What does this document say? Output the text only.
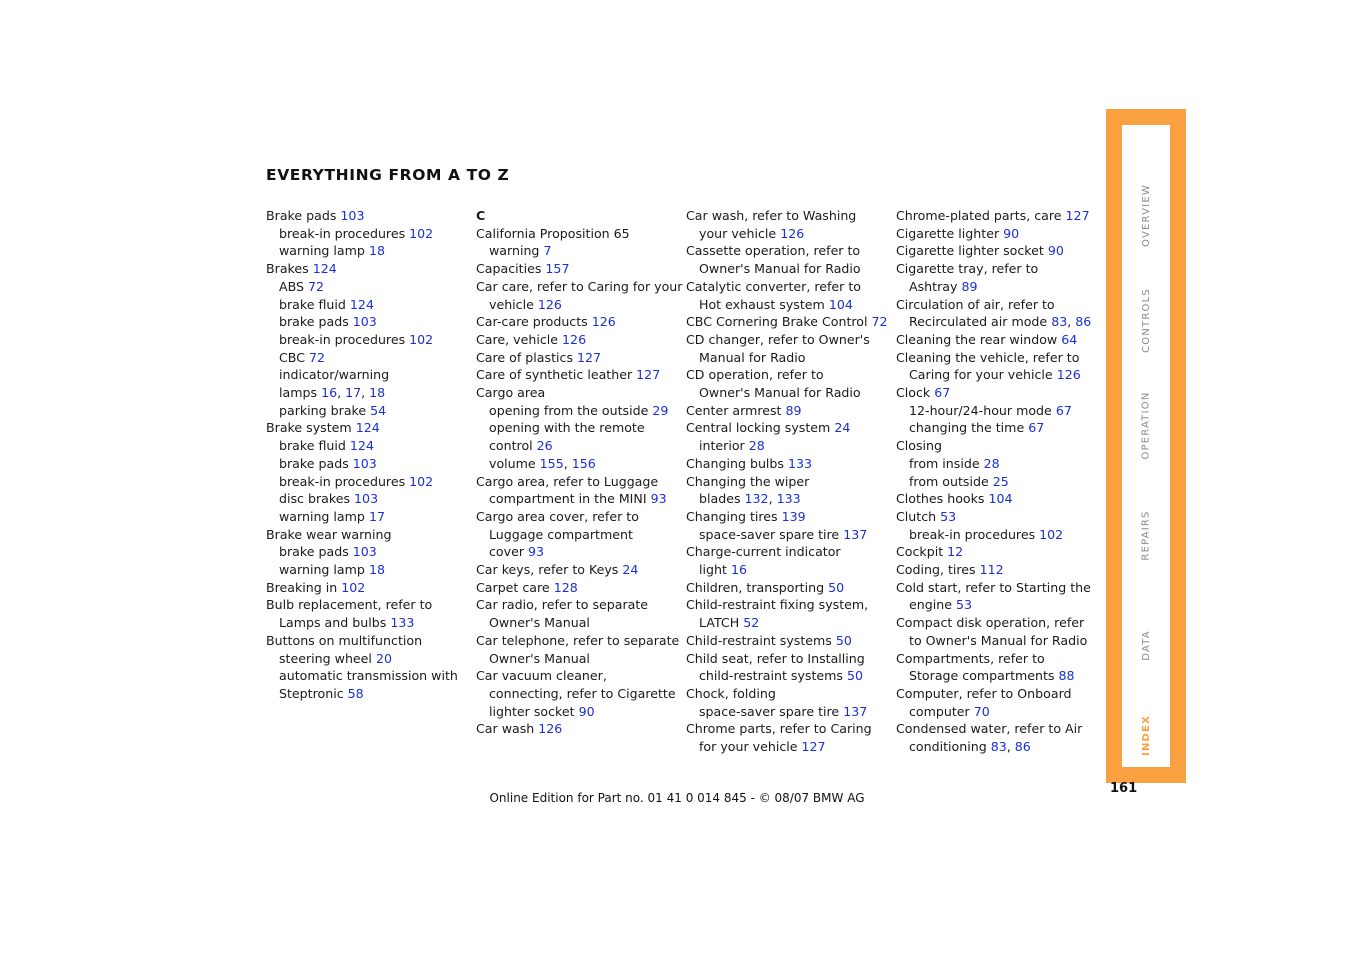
EVERYTHING FROM A TO Z
Brake pads 103
break-in procedures 102
warning lamp 18
Brakes 124
ABS 72
brake fluid 124
brake pads 103
break-in procedures 102
CBC 72
indicator/warning
lamps 16, 17, 18
parking brake 54
Brake system 124
brake fluid 124
brake pads 103
break-in procedures 102
disc brakes 103
warning lamp 17
Brake wear warning
brake pads 103
warning lamp 18
Breaking in 102
Bulb replacement, refer to
Lamps and bulbs 133
Buttons on multifunction
steering wheel 20
automatic transmission with
Steptronic 58
C
California Proposition 65
warning 7
Capacities 157
Car care, refer to Caring for your
vehicle 126
Car-care products 126
Care, vehicle 126
Care of plastics 127
Care of synthetic leather 127
Cargo area
opening from the outside 29
opening with the remote
control 26
volume 155, 156
Cargo area, refer to Luggage
compartment in the MINI 93
Cargo area cover, refer to
Luggage compartment
cover 93
Car keys, refer to Keys 24
Carpet care 128
Car radio, refer to separate
Owner's Manual
Car telephone, refer to separate
Owner's Manual
Car vacuum cleaner,
connecting, refer to Cigarette
lighter socket 90
Car wash 126
Car wash, refer to Washing
your vehicle 126
Cassette operation, refer to
Owner's Manual for Radio
Catalytic converter, refer to
Hot exhaust system 104
CBC Cornering Brake Control 72
CD changer, refer to Owner's
Manual for Radio
CD operation, refer to
Owner's Manual for Radio
Center armrest 89
Central locking system 24
interior 28
Changing bulbs 133
Changing the wiper
blades 132, 133
Changing tires 139
space-saver spare tire 137
Charge-current indicator
light 16
Children, transporting 50
Child-restraint fixing system,
LATCH 52
Child-restraint systems 50
Child seat, refer to Installing
child-restraint systems 50
Chock, folding
space-saver spare tire 137
Chrome parts, refer to Caring
for your vehicle 127
Chrome-plated parts, care 127
Cigarette lighter 90
Cigarette lighter socket 90
Cigarette tray, refer to
Ashtray 89
Circulation of air, refer to
Recirculated air mode 83, 86
Cleaning the rear window 64
Cleaning the vehicle, refer to
Caring for your vehicle 126
Clock 67
12-hour/24-hour mode 67
changing the time 67
Closing
from inside 28
from outside 25
Clothes hooks 104
Clutch 53
break-in procedures 102
Cockpit 12
Coding, tires 112
Cold start, refer to Starting the
engine 53
Compact disk operation, refer
to Owner's Manual for Radio
Compartments, refer to
Storage compartments 88
Computer, refer to Onboard
computer 70
Condensed water, refer to Air
conditioning 83, 86
OVERVIEW
CONTROLS
OPERATION
REPAIRS
DATA
INDEX
161
Online Edition for Part no. 01 41 0 014 845 - © 08/07 BMW AG
